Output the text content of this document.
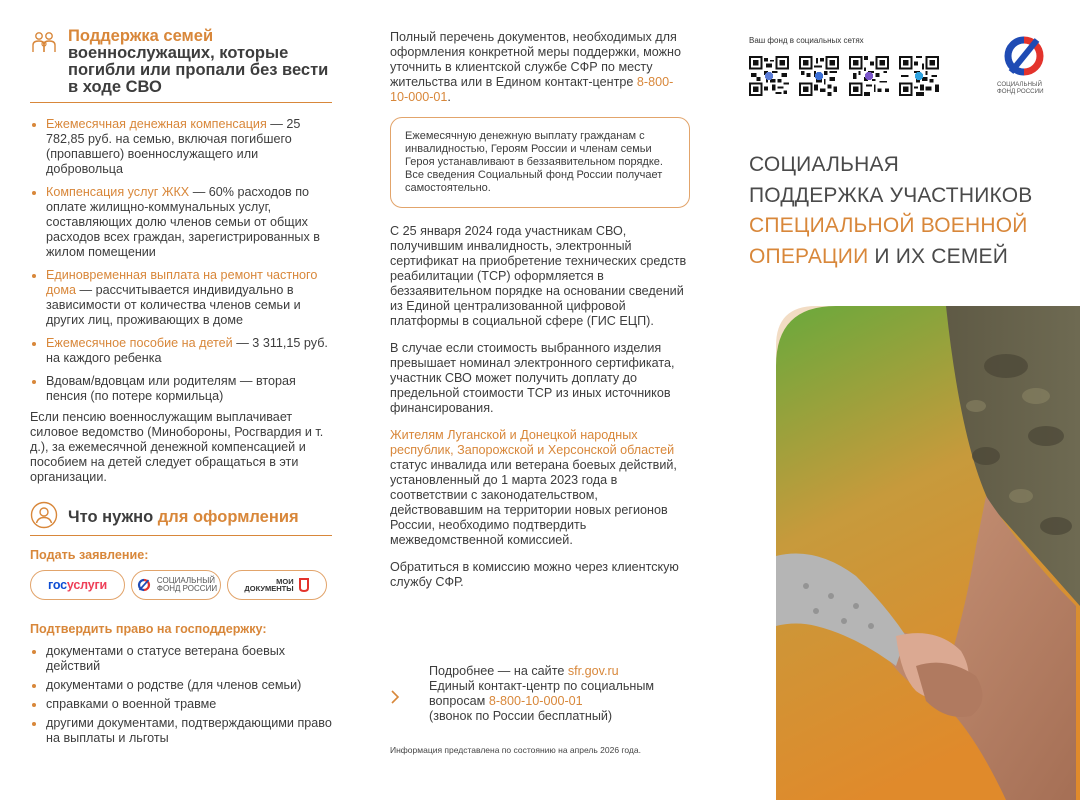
Поддержка семей
военнослужащих, которые погибли или пропали без вести в ходе СВО
Ежемесячная денежная компенсация — 25 782,85 руб. на семью, включая погибшего (пропавшего) военнослужащего или добровольца
Компенсация услуг ЖКХ — 60% расходов по оплате жилищно-коммунальных услуг, составляющих долю членов семьи от общих расходов всех граждан, зарегистрированных в жилом помещении
Единовременная выплата на ремонт частного дома — рассчитывается индивидуально в зависимости от количества членов семьи и других лиц, проживающих в доме
Ежемесячное пособие на детей — 3 311,15 руб. на каждого ребенка
Вдовам/вдовцам или родителям — вторая пенсия (по потере кормильца)

Если пенсию военнослужащим выплачивает силовое ведомство (Минобороны, Росгвардия и т. д.), за ежемесячной денежной компенсацией и пособием на детей следует обращаться в эти организации.

Что нужно для оформления
Подать заявление:
госуслуги	СОЦИАЛЬНЫЙ
ФОНД РОССИИ
МОИ
ДОКУМЕНТЫ
Подтвердить право на господдержку:
документами о статусе ветерана боевых действий
документами о родстве (для членов семьи)
справками о военной травме
другими документами, подтверждающими право на выплаты и льготы

Полный перечень документов, необходимых для оформления конкретной меры поддержки, можно уточнить в клиентской службе СФР по месту жительства или в Едином контакт-центре 8-800-10-000-01.

Ежемесячную денежную выплату гражданам с инвалидностью, Героям России и членам семьи Героя устанавливают в беззаявительном порядке. Все сведения Социальный фонд России получает самостоятельно.

С 25 января 2024 года участникам СВО, получившим инвалидность, электронный сертификат на приобретение технических средств реабилитации (ТСР) оформляется в беззаявительном порядке на основании сведений из Единой централизованной цифровой платформы в социальной сфере (ГИС ЕЦП).

В случае если стоимость выбранного изделия превышает номинал электронного сертификата, участник СВО может получить доплату до предельной стоимости ТСР из иных источников финансирования.

Жителям Луганской и Донецкой народных республик, Запорожской и Херсонской областей статус инвалида или ветерана боевых действий, установленный до 1 марта 2023 года в соответствии с законодательством, действовавшим на территории новых регионов России, необходимо подтвердить межведомственной комиссией.

Обратиться в комиссию можно через клиентскую службу СФР.

Подробнее — на сайте sfr.gov.ru
Единый контакт-центр по социальным вопросам 8-800-10-000-01
(звонок по России бесплатный)
Информация представлена по состоянию на апрель 2026 года.
Ваш фонд в социальных сетях
СОЦИАЛЬНЫЙ
ФОНД РОССИИ
СОЦИАЛЬНАЯ
ПОДДЕРЖКА УЧАСТНИКОВ
СПЕЦИАЛЬНОЙ ВОЕННОЙ
ОПЕРАЦИИ И ИХ СЕМЕЙ
